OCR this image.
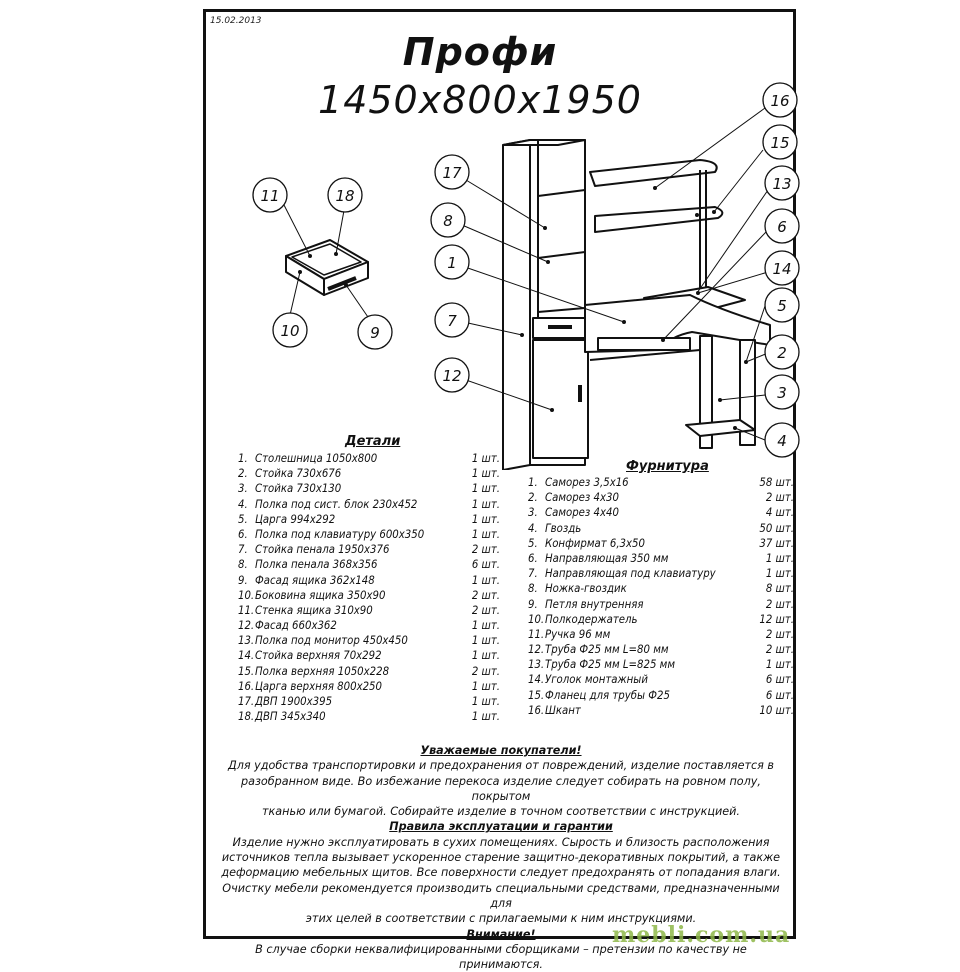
15.02.2013
Профи
1450x800x1950
17
8
1
7
12
16
15
13
6
14
5
2
3
4
11	18
10	9
Детали
1. Столешница 1050х800	1 шт.
2. Стойка 730х676	1 шт.
3. Стойка 730х130	1 шт.
4. Полка под сист. блок 230х452	1 шт.
5. Царга 994х292	1 шт.
6. Полка под клавиатуру 600х350	1 шт.
7. Стойка пенала 1950х376	2 шт.
8. Полка пенала 368х356	6 шт.
9. Фасад ящика 362х148	1 шт.
10. Боковина ящика 350х90	2 шт.
11. Стенка ящика 310х90	2 шт.
12. Фасад 660х362	1 шт.
13. Полка под монитор 450х450	1 шт.
14. Стойка верхняя 70х292	1 шт.
15. Полка верхняя 1050х228	2 шт.
16. Царга верхняя 800х250	1 шт.
17. ДВП 1900х395	1 шт.
18. ДВП 345х340	1 шт.
Фурнитура
1. Саморез 3,5х16	58 шт.
2. Саморез 4х30	2 шт.
3. Саморез 4х40	4 шт.
4. Гвоздь	50 шт.
5. Конфирмат 6,3х50	37 шт.
6. Направляющая 350 мм	1 шт.
7. Направляющая под клавиатуру	1 шт.
8. Ножка-гвоздик	8 шт.
9. Петля внутренняя	2 шт.
10. Полкодержатель	12 шт.
11. Ручка 96 мм	2 шт.
12. Труба Ф25 мм L=80 мм	2 шт.
13. Труба Ф25 мм L=825 мм	1 шт.
14. Уголок монтажный	6 шт.
15. Фланец для трубы Ф25	6 шт.
16. Шкант	10 шт.

Уважаемые покупатели!

Для удобства транспортировки и предохранения от повреждений, изделие поставляется в

разобранном виде. Во избежание перекоса изделие следует собирать на ровном полу, покрытом

тканью или бумагой. Собирайте изделие в точном соответствии с инструкцией.

Правила эксплуатации и гарантии

Изделие нужно эксплуатировать в сухих помещениях. Сырость и близость расположения

источников тепла вызывает ускоренное старение защитно-декоративных покрытий, а также

деформацию мебельных щитов. Все поверхности следует предохранять от попадания влаги.

Очистку мебели рекомендуется производить специальными средствами, предназначенными для

этих целей в соответствии с прилагаемыми к ним инструкциями.

Внимание!

В случае сборки неквалифицированными сборщиками – претензии по качеству не принимаются.

mebli.com.ua
